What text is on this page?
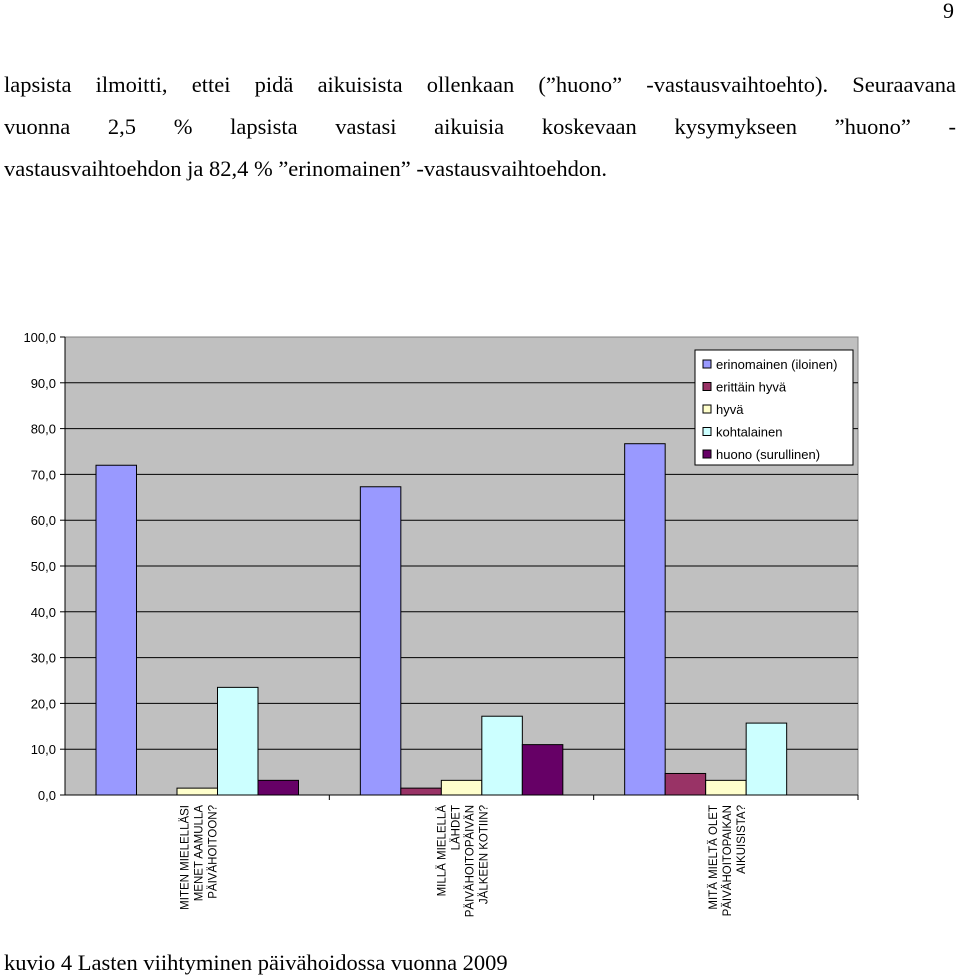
9

lapsista ilmoitti, ettei pidä aikuisista ollenkaan (”huono” -vastausvaihtoehto). Seuraavana
vuonna 2,5 % lapsista vastasi aikuisia koskevaan kysymykseen ”huono” -
vastausvaihtoehdon ja 82,4 % ”erinomainen” -vastausvaihtoehdon.

0,0
10,0
20,0
30,0
40,0
50,0
60,0
70,0
80,0
90,0
100,0
MITEN MIELELLÄSI MENET AAMULLA PÄIVÄHOITOON?	MILLÄ MIELELLÄ LÄHDET PÄIVÄHOITOPÄIVÄN JÄLKEEN KOTIIN?	MITÄ MIELTÄ OLET PÄIVÄHOITOPAIKAN AIKUISISTA?
erinomainen (iloinen)
erittäin hyvä
hyvä
kohtalainen
huono (surullinen)
kuvio 4 Lasten viihtyminen päivähoidossa vuonna 2009
